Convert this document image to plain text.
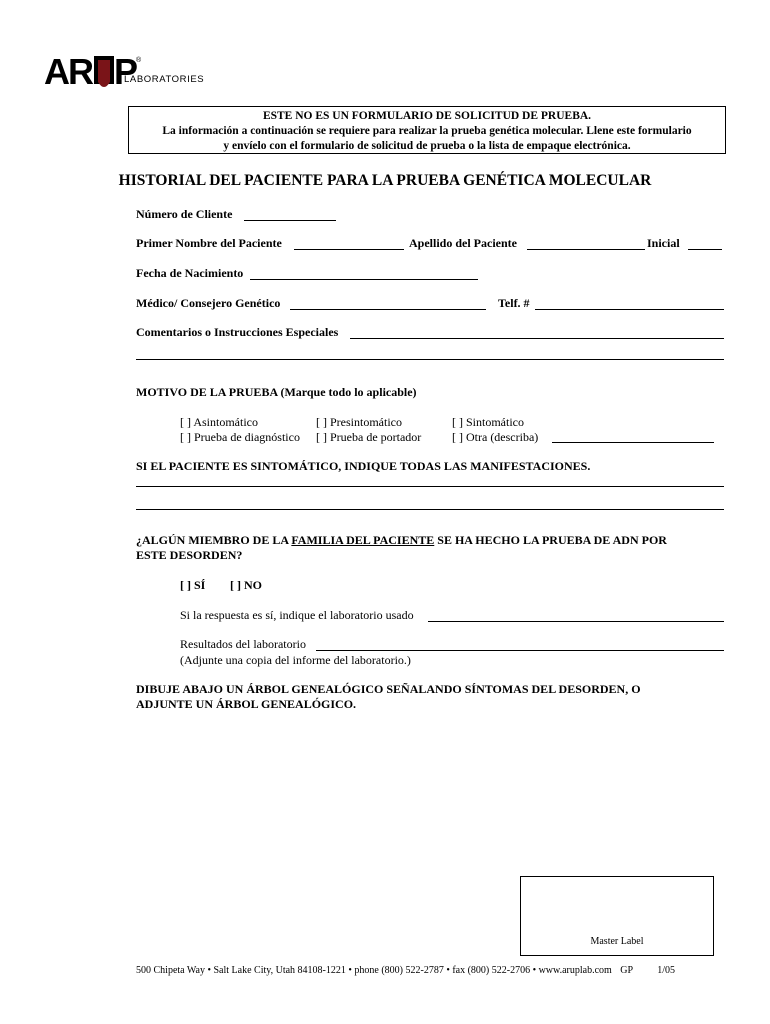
AR P ®
LABORATORIES
ESTE NO ES UN FORMULARIO DE SOLICITUD DE PRUEBA.
La información a continuación se requiere para realizar la prueba genética molecular. Llene este formulario
y envíelo con el formulario de solicitud de prueba o la lista de empaque electrónica.
HISTORIAL DEL PACIENTE PARA LA PRUEBA GENÉTICA MOLECULAR
Número de Cliente
Primer Nombre del Paciente	Apellido del Paciente	Inicial
Fecha de Nacimiento
Médico/ Consejero Genético	Telf. #
Comentarios o Instrucciones Especiales
MOTIVO DE LA PRUEBA (Marque todo lo aplicable)
[ ] Asintomático	[ ] Presintomático	[ ] Sintomático
[ ] Prueba de diagnóstico [ ] Prueba de portador	[ ] Otra (describa)
SI EL PACIENTE ES SINTOMÁTICO, INDIQUE TODAS LAS MANIFESTACIONES.
¿ALGÚN MIEMBRO DE LA FAMILIA DEL PACIENTE SE HA HECHO LA PRUEBA DE ADN POR
ESTE DESORDEN?
[ ] SÍ [ ] NO
Si la respuesta es sí, indique el laboratorio usado
Resultados del laboratorio
(Adjunte una copia del informe del laboratorio.)
DIBUJE ABAJO UN ÁRBOL GENEALÓGICO SEÑALANDO SÍNTOMAS DEL DESORDEN, O
ADJUNTE UN ÁRBOL GENEALÓGICO.
Master Label
500 Chipeta Way • Salt Lake City, Utah 84108-1221 • phone (800) 522-2787 • fax (800) 522-2706 • www.aruplab.com GP 1/05
